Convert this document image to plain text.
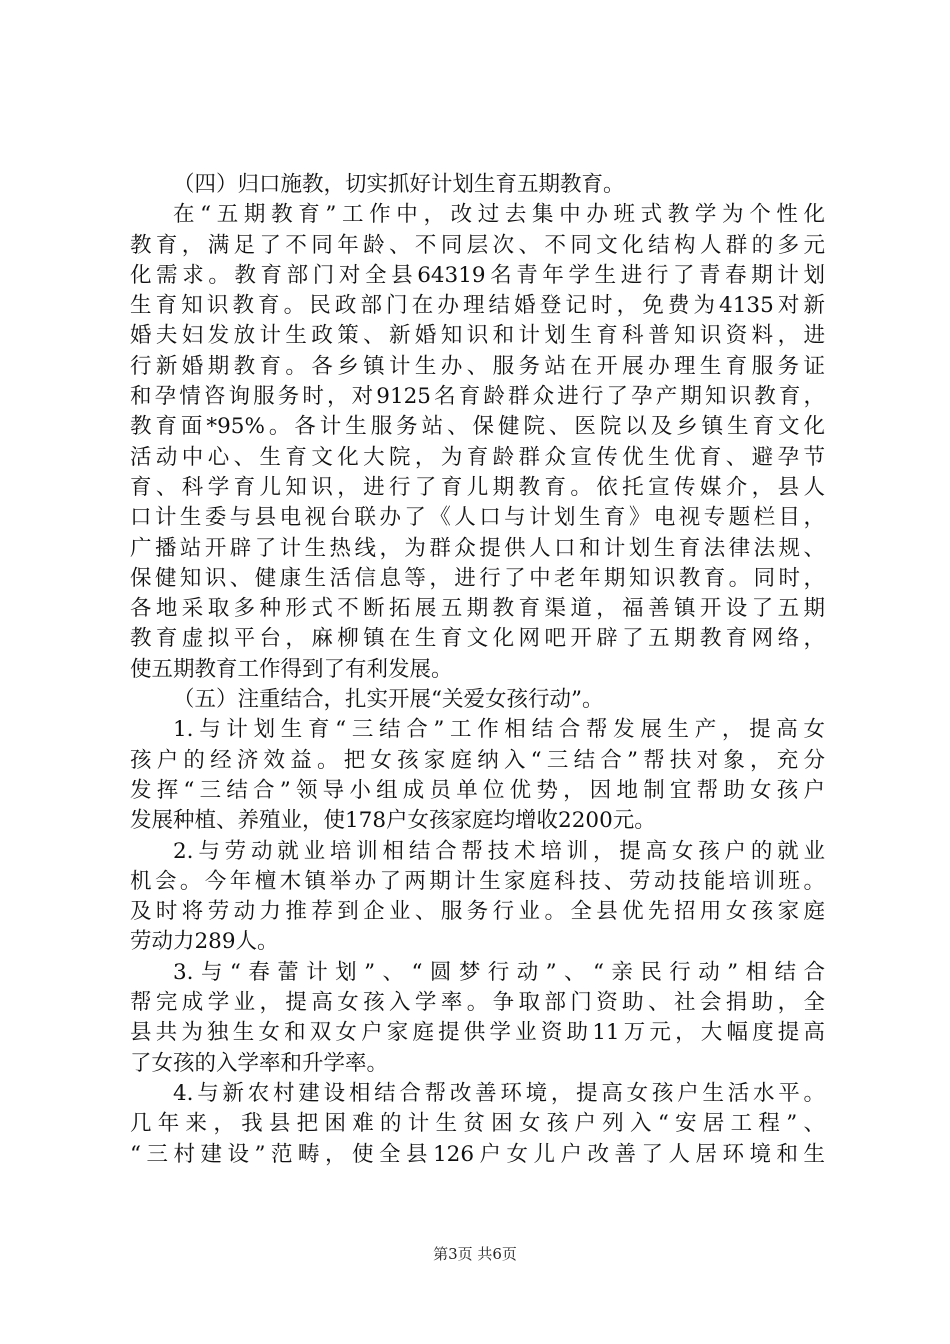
（四）归口施教，切实抓好计划生育五期教育。
在“五期教育”工作中，改过去集中办班式教学为个性化
教育，满足了不同年龄、不同层次、不同文化结构人群的多元
化需求。教育部门对全县64319名青年学生进行了青春期计划
生育知识教育。民政部门在办理结婚登记时，免费为4135对新
婚夫妇发放计生政策、新婚知识和计划生育科普知识资料，进
行新婚期教育。各乡镇计生办、服务站在开展办理生育服务证
和孕情咨询服务时，对9125名育龄群众进行了孕产期知识教育，
教育面*95%。各计生服务站、保健院、医院以及乡镇生育文化
活动中心、生育文化大院，为育龄群众宣传优生优育、避孕节
育、科学育儿知识，进行了育儿期教育。依托宣传媒介，县人
口计生委与县电视台联办了《人口与计划生育》电视专题栏目，
广播站开辟了计生热线，为群众提供人口和计划生育法律法规、
保健知识、健康生活信息等，进行了中老年期知识教育。同时，
各地采取多种形式不断拓展五期教育渠道，福善镇开设了五期
教育虚拟平台，麻柳镇在生育文化网吧开辟了五期教育网络，
使五期教育工作得到了有利发展。
（五）注重结合，扎实开展“关爱女孩行动”。
1.与计划生育“三结合”工作相结合帮发展生产，提高女
孩户的经济效益。把女孩家庭纳入“三结合”帮扶对象，充分
发挥“三结合”领导小组成员单位优势，因地制宜帮助女孩户
发展种植、养殖业，使178户女孩家庭均增收2200元。
2.与劳动就业培训相结合帮技术培训，提高女孩户的就业
机会。今年檀木镇举办了两期计生家庭科技、劳动技能培训班。
及时将劳动力推荐到企业、服务行业。全县优先招用女孩家庭
劳动力289人。
3.与“春蕾计划”、“圆梦行动”、“亲民行动”相结合
帮完成学业，提高女孩入学率。争取部门资助、社会捐助，全
县共为独生女和双女户家庭提供学业资助11万元，大幅度提高
了女孩的入学率和升学率。
4.与新农村建设相结合帮改善环境，提高女孩户生活水平。
几年来，我县把困难的计生贫困女孩户列入“安居工程”、
“三村建设”范畴，使全县126户女儿户改善了人居环境和生
第3页 共6页
